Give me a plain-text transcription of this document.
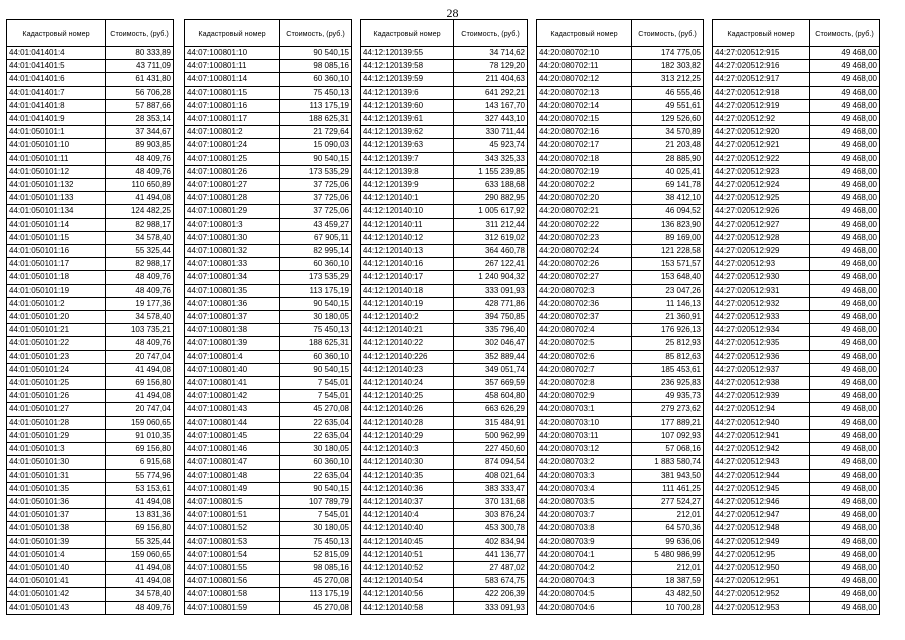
28
Кадастровый номер	Стоимость, (руб.)
44:01:041401:4	80 333,89
44:01:041401:5	43 711,09
44:01:041401:6	61 431,80
44:01:041401:7	56 706,28
44:01:041401:8	57 887,66
44:01:041401:9	28 353,14
44:01:050101:1	37 344,67
44:01:050101:10	89 903,85
44:01:050101:11	48 409,76
44:01:050101:12	48 409,76
44:01:050101:132	110 650,89
44:01:050101:133	41 494,08
44:01:050101:134	124 482,25
44:01:050101:14	82 988,17
44:01:050101:15	34 578,40
44:01:050101:16	55 325,44
44:01:050101:17	82 988,17
44:01:050101:18	48 409,76
44:01:050101:19	48 409,76
44:01:050101:2	19 177,36
44:01:050101:20	34 578,40
44:01:050101:21	103 735,21
44:01:050101:22	48 409,76
44:01:050101:23	20 747,04
44:01:050101:24	41 494,08
44:01:050101:25	69 156,80
44:01:050101:26	41 494,08
44:01:050101:27	20 747,04
44:01:050101:28	159 060,65
44:01:050101:29	91 010,35
44:01:050101:3	69 156,80
44:01:050101:30	6 915,68
44:01:050101:31	55 774,96
44:01:050101:35	53 153,61
44:01:050101:36	41 494,08
44:01:050101:37	13 831,36
44:01:050101:38	69 156,80
44:01:050101:39	55 325,44
44:01:050101:4	159 060,65
44:01:050101:40	41 494,08
44:01:050101:41	41 494,08
44:01:050101:42	34 578,40
44:01:050101:43	48 409,76
Кадастровый номер	Стоимость, (руб.)
44:07:100801:10	90 540,15
44:07:100801:11	98 085,16
44:07:100801:14	60 360,10
44:07:100801:15	75 450,13
44:07:100801:16	113 175,19
44:07:100801:17	188 625,31
44:07:100801:2	21 729,64
44:07:100801:24	15 090,03
44:07:100801:25	90 540,15
44:07:100801:26	173 535,29
44:07:100801:27	37 725,06
44:07:100801:28	37 725,06
44:07:100801:29	37 725,06
44:07:100801:3	43 459,27
44:07:100801:30	67 905,11
44:07:100801:32	82 995,14
44:07:100801:33	60 360,10
44:07:100801:34	173 535,29
44:07:100801:35	113 175,19
44:07:100801:36	90 540,15
44:07:100801:37	30 180,05
44:07:100801:38	75 450,13
44:07:100801:39	188 625,31
44:07:100801:4	60 360,10
44:07:100801:40	90 540,15
44:07:100801:41	7 545,01
44:07:100801:42	7 545,01
44:07:100801:43	45 270,08
44:07:100801:44	22 635,04
44:07:100801:45	22 635,04
44:07:100801:46	30 180,05
44:07:100801:47	60 360,10
44:07:100801:48	22 635,04
44:07:100801:49	90 540,15
44:07:100801:5	107 789,79
44:07:100801:51	7 545,01
44:07:100801:52	30 180,05
44:07:100801:53	75 450,13
44:07:100801:54	52 815,09
44:07:100801:55	98 085,16
44:07:100801:56	45 270,08
44:07:100801:58	113 175,19
44:07:100801:59	45 270,08
Кадастровый номер	Стоимость, (руб.)
44:12:120139:55	34 714,62
44:12:120139:58	78 129,20
44:12:120139:59	211 404,63
44:12:120139:6	641 292,21
44:12:120139:60	143 167,70
44:12:120139:61	327 443,10
44:12:120139:62	330 711,44
44:12:120139:63	45 923,74
44:12:120139:7	343 325,33
44:12:120139:8	1 155 239,85
44:12:120139:9	633 188,68
44:12:120140:1	290 882,95
44:12:120140:10	1 005 617,92
44:12:120140:11	311 212,44
44:12:120140:12	312 619,02
44:12:120140:13	364 460,78
44:12:120140:16	267 122,41
44:12:120140:17	1 240 904,32
44:12:120140:18	333 091,93
44:12:120140:19	428 771,86
44:12:120140:2	394 750,85
44:12:120140:21	335 796,40
44:12:120140:22	302 046,47
44:12:120140:226	352 889,44
44:12:120140:23	349 051,74
44:12:120140:24	357 669,59
44:12:120140:25	458 604,80
44:12:120140:26	663 626,29
44:12:120140:28	315 484,91
44:12:120140:29	500 962,99
44:12:120140:3	227 450,60
44:12:120140:30	874 094,54
44:12:120140:35	408 021,64
44:12:120140:36	383 333,47
44:12:120140:37	370 131,68
44:12:120140:4	303 876,24
44:12:120140:40	453 300,78
44:12:120140:45	402 834,94
44:12:120140:51	441 136,77
44:12:120140:52	27 487,02
44:12:120140:54	583 674,75
44:12:120140:56	422 206,39
44:12:120140:58	333 091,93
Кадастровый номер	Стоимость, (руб.)
44:20:080702:10	174 775,05
44:20:080702:11	182 303,82
44:20:080702:12	313 212,25
44:20:080702:13	46 555,46
44:20:080702:14	49 551,61
44:20:080702:15	129 526,60
44:20:080702:16	34 570,89
44:20:080702:17	21 203,48
44:20:080702:18	28 885,90
44:20:080702:19	40 025,41
44:20:080702:2	69 141,78
44:20:080702:20	38 412,10
44:20:080702:21	46 094,52
44:20:080702:22	136 823,90
44:20:080702:23	89 169,00
44:20:080702:24	121 228,58
44:20:080702:26	153 571,57
44:20:080702:27	153 648,40
44:20:080702:3	23 047,26
44:20:080702:36	11 146,13
44:20:080702:37	21 360,91
44:20:080702:4	176 926,13
44:20:080702:5	25 812,93
44:20:080702:6	85 812,63
44:20:080702:7	185 453,61
44:20:080702:8	236 925,83
44:20:080702:9	49 935,73
44:20:080703:1	279 273,62
44:20:080703:10	177 889,21
44:20:080703:11	107 092,93
44:20:080703:12	57 068,16
44:20:080703:2	1 883 580,74
44:20:080703:3	381 943,50
44:20:080703:4	111 461,25
44:20:080703:5	277 524,27
44:20:080703:7	212,01
44:20:080703:8	64 570,36
44:20:080703:9	99 636,06
44:20:080704:1	5 480 986,99
44:20:080704:2	212,01
44:20:080704:3	18 387,59
44:20:080704:5	43 482,50
44:20:080704:6	10 700,28
Кадастровый номер	Стоимость, (руб.)
44:27:020512:915	49 468,00
44:27:020512:916	49 468,00
44:27:020512:917	49 468,00
44:27:020512:918	49 468,00
44:27:020512:919	49 468,00
44:27:020512:92	49 468,00
44:27:020512:920	49 468,00
44:27:020512:921	49 468,00
44:27:020512:922	49 468,00
44:27:020512:923	49 468,00
44:27:020512:924	49 468,00
44:27:020512:925	49 468,00
44:27:020512:926	49 468,00
44:27:020512:927	49 468,00
44:27:020512:928	49 468,00
44:27:020512:929	49 468,00
44:27:020512:93	49 468,00
44:27:020512:930	49 468,00
44:27:020512:931	49 468,00
44:27:020512:932	49 468,00
44:27:020512:933	49 468,00
44:27:020512:934	49 468,00
44:27:020512:935	49 468,00
44:27:020512:936	49 468,00
44:27:020512:937	49 468,00
44:27:020512:938	49 468,00
44:27:020512:939	49 468,00
44:27:020512:94	49 468,00
44:27:020512:940	49 468,00
44:27:020512:941	49 468,00
44:27:020512:942	49 468,00
44:27:020512:943	49 468,00
44:27:020512:944	49 468,00
44:27:020512:945	49 468,00
44:27:020512:946	49 468,00
44:27:020512:947	49 468,00
44:27:020512:948	49 468,00
44:27:020512:949	49 468,00
44:27:020512:95	49 468,00
44:27:020512:950	49 468,00
44:27:020512:951	49 468,00
44:27:020512:952	49 468,00
44:27:020512:953	49 468,00
